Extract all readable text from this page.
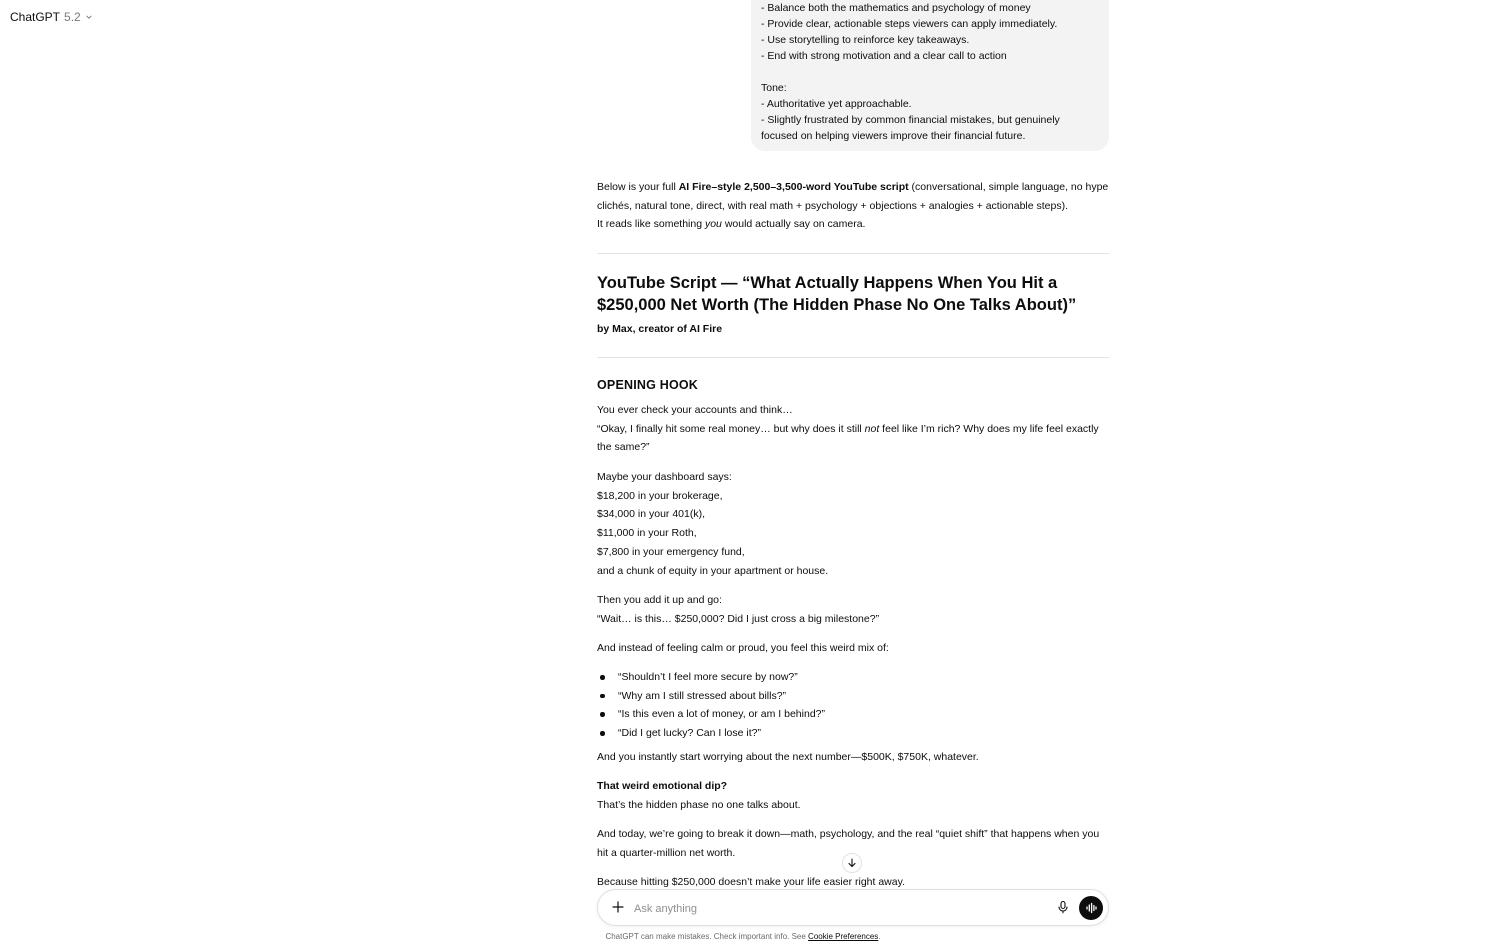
ChatGPT 5.2
- Balance both the mathematics and psychology of money
- Provide clear, actionable steps viewers can apply immediately.
- Use storytelling to reinforce key takeaways.
- End with strong motivation and a clear call to action

Tone:
- Authoritative yet approachable.
- Slightly frustrated by common financial mistakes, but genuinely
focused on helping viewers improve their financial future.
Below is your full AI Fire–style 2,500–3,500-word YouTube script (conversational, simple language, no hype clichés, natural tone, direct, with real math + psychology + objections + analogies + actionable steps).
It reads like something you would actually say on camera.
YouTube Script — “What Actually Happens When You Hit a $250,000 Net Worth (The Hidden Phase No One Talks About)”
by Max, creator of AI Fire
OPENING HOOK
You ever check your accounts and think…
“Okay, I finally hit some real money… but why does it still not feel like I’m rich? Why does my life feel exactly the same?”
Maybe your dashboard says:
$18,200 in your brokerage,
$34,000 in your 401(k),
$11,000 in your Roth,
$7,800 in your emergency fund,
and a chunk of equity in your apartment or house.
Then you add it up and go:
“Wait… is this… $250,000? Did I just cross a big milestone?”
And instead of feeling calm or proud, you feel this weird mix of:
“Shouldn’t I feel more secure by now?”
“Why am I still stressed about bills?”
“Is this even a lot of money, or am I behind?”
“Did I get lucky? Can I lose it?”
And you instantly start worrying about the next number—$500K, $750K, whatever.
That weird emotional dip?
That’s the hidden phase no one talks about.
And today, we’re going to break it down—math, psychology, and the real “quiet shift” that happens when you hit a quarter-million net worth.
Because hitting $250,000 doesn’t make your life easier right away.
Ask anything
ChatGPT can make mistakes. Check important info. See Cookie Preferences.
